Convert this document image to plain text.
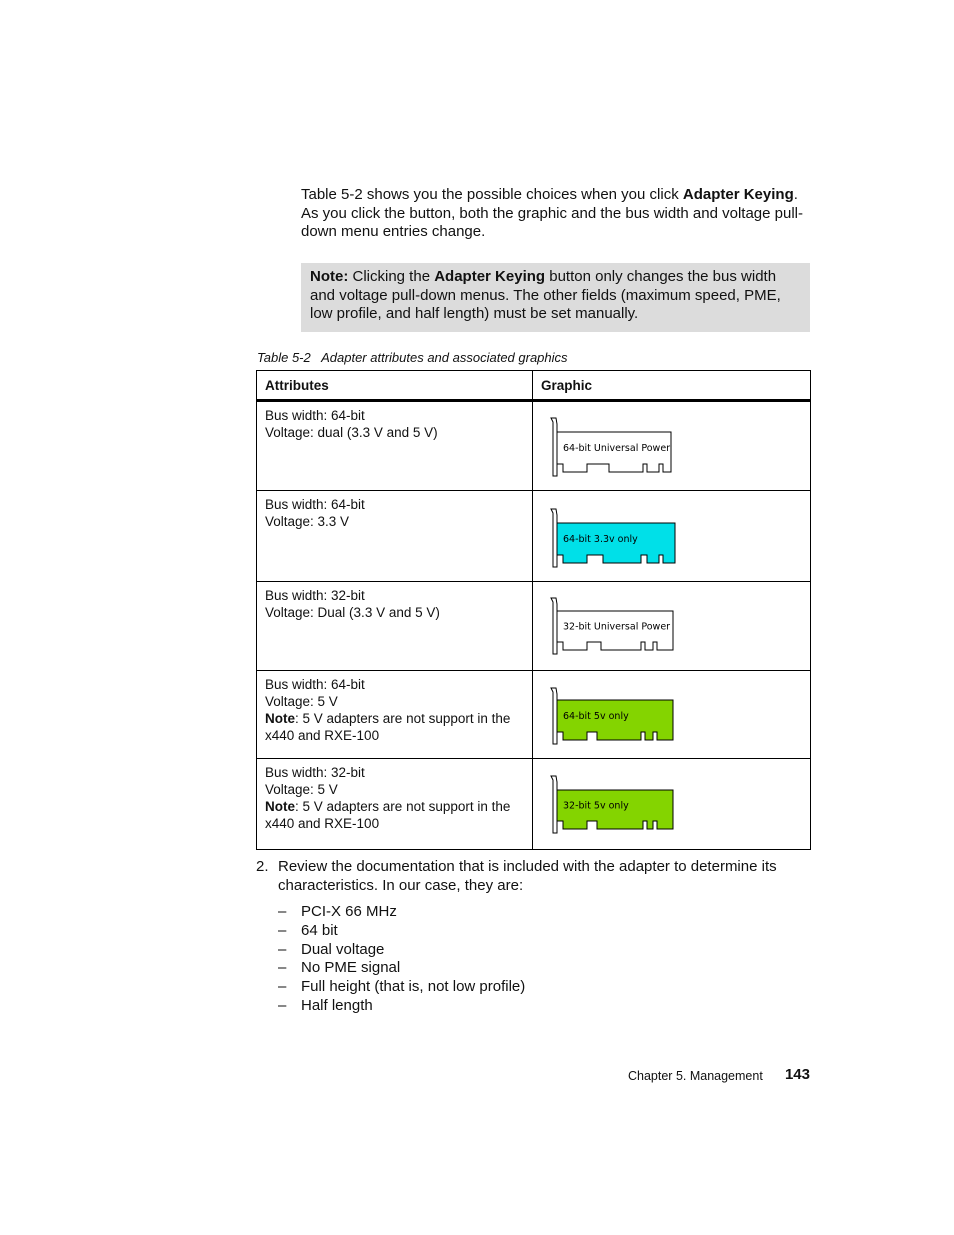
Table 5-2 shows you the possible choices when you click Adapter Keying. As you click the button, both the graphic and the bus width and voltage pull-down menu entries change.

Note: Clicking the Adapter Keying button only changes the bus width and voltage pull-down menus. The other fields (maximum speed, PME, low profile, and half length) must be set manually.

Table 5-2 Adapter attributes and associated graphics

Attributes	Graphic

Bus width: 64-bit
Voltage: dual (3.3 V and 5 V)	64-bit Universal Power

Bus width: 64-bit
Voltage: 3.3 V	64-bit 3.3v only

Bus width: 32-bit
Voltage: Dual (3.3 V and 5 V)	32-bit Universal Power

Bus width: 64-bit
Voltage: 5 V
Note: 5 V adapters are not support in the x440 and RXE-100	64-bit 5v only

Bus width: 32-bit
Voltage: 5 V
Note: 5 V adapters are not support in the x440 and RXE-100	32-bit 5v only
2. Review the documentation that is included with the adapter to determine its characteristics. In our case, they are:
– PCI-X 66 MHz
– 64 bit
– Dual voltage
– No PME signal
– Full height (that is, not low profile)
– Half length
Chapter 5. Management 143
